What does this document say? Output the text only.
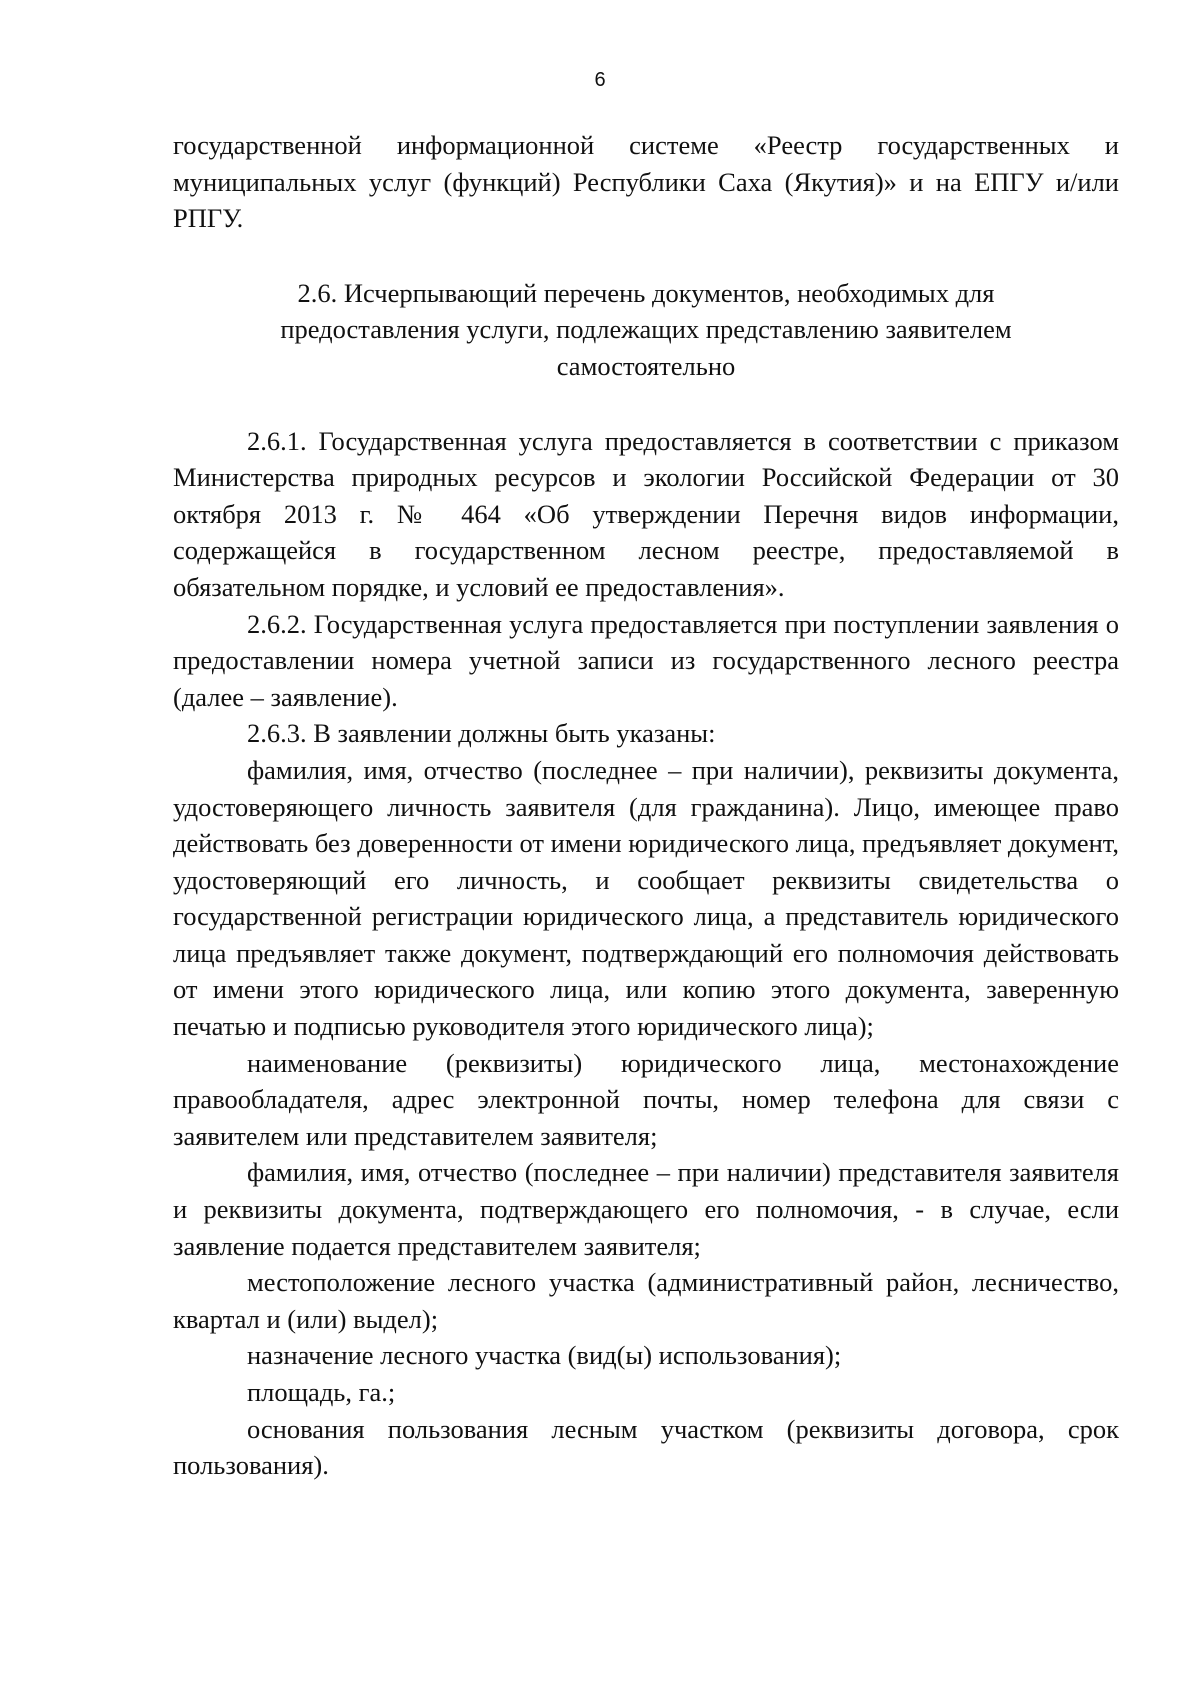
6

государственной информационной системе «Реестр государственных и муниципальных услуг (функций) Республики Саха (Якутия)» и на ЕПГУ и/или РПГУ.

2.6. Исчерпывающий перечень документов, необходимых для предоставления услуги, подлежащих представлению заявителем самостоятельно

2.6.1. Государственная услуга предоставляется в соответствии с приказом Министерства природных ресурсов и экологии Российской Федерации от 30 октября 2013 г. № 464 «Об утверждении Перечня видов информации, содержащейся в государственном лесном реестре, предоставляемой в обязательном порядке, и условий ее предоставления».

2.6.2. Государственная услуга предоставляется при поступлении заявления о предоставлении номера учетной записи из государственного лесного реестра (далее – заявление).

2.6.3. В заявлении должны быть указаны:

фамилия, имя, отчество (последнее – при наличии), реквизиты документа, удостоверяющего личность заявителя (для гражданина). Лицо, имеющее право действовать без доверенности от имени юридического лица, предъявляет документ, удостоверяющий его личность, и сообщает реквизиты свидетельства о государственной регистрации юридического лица, а представитель юридического лица предъявляет также документ, подтверждающий его полномочия действовать от имени этого юридического лица, или копию этого документа, заверенную печатью и подписью руководителя этого юридического лица);

наименование (реквизиты) юридического лица, местонахождение правообладателя, адрес электронной почты, номер телефона для связи с заявителем или представителем заявителя;

фамилия, имя, отчество (последнее – при наличии) представителя заявителя и реквизиты документа, подтверждающего его полномочия, - в случае, если заявление подается представителем заявителя;

местоположение лесного участка (административный район, лесничество, квартал и (или) выдел);

назначение лесного участка (вид(ы) использования);

площадь, га.;

основания пользования лесным участком (реквизиты договора, срок пользования).
